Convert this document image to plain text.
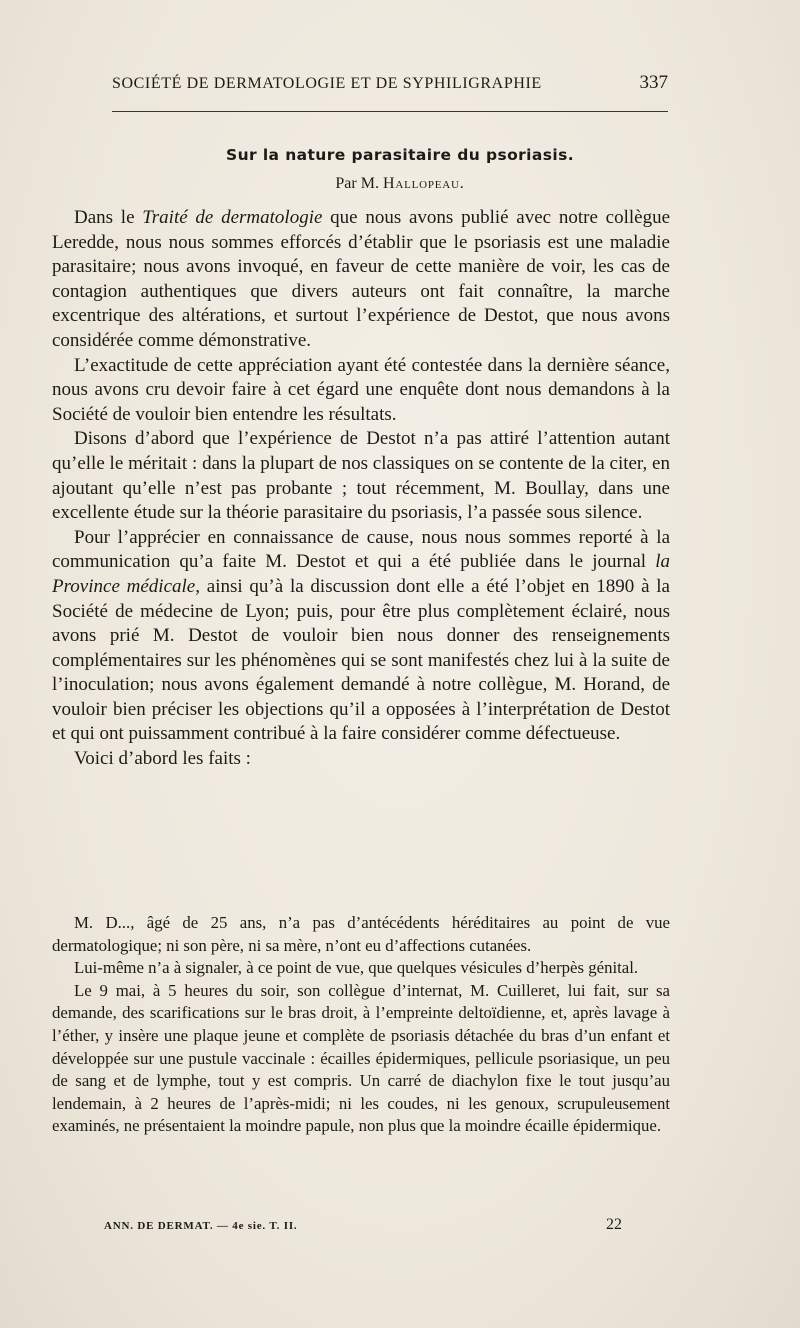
SOCIÉTÉ DE DERMATOLOGIE ET DE SYPHILIGRAPHIE	337
Sur la nature parasitaire du psoriasis.
Par M. Hallopeau.

Dans le Traité de dermatologie que nous avons publié avec notre collègue Leredde, nous nous sommes efforcés d’établir que le psoriasis est une maladie parasitaire; nous avons invoqué, en faveur de cette manière de voir, les cas de contagion authentiques que divers auteurs ont fait connaître, la marche excentrique des altérations, et surtout l’expérience de Destot, que nous avons considérée comme démonstrative.

L’exactitude de cette appréciation ayant été contestée dans la dernière séance, nous avons cru devoir faire à cet égard une enquête dont nous demandons à la Société de vouloir bien entendre les résultats.

Disons d’abord que l’expérience de Destot n’a pas attiré l’attention autant qu’elle le méritait : dans la plupart de nos classiques on se contente de la citer, en ajoutant qu’elle n’est pas probante ; tout récemment, M. Boullay, dans une excellente étude sur la théorie parasitaire du psoriasis, l’a passée sous silence.

Pour l’apprécier en connaissance de cause, nous nous sommes reporté à la communication qu’a faite M. Destot et qui a été publiée dans le journal la Province médicale, ainsi qu’à la discussion dont elle a été l’objet en 1890 à la Société de médecine de Lyon; puis, pour être plus complètement éclairé, nous avons prié M. Destot de vouloir bien nous donner des renseignements complémentaires sur les phénomènes qui se sont manifestés chez lui à la suite de l’inoculation; nous avons également demandé à notre collègue, M. Horand, de vouloir bien préciser les objections qu’il a opposées à l’interprétation de Destot et qui ont puissamment contribué à la faire considérer comme défectueuse.

Voici d’abord les faits :

M. D..., âgé de 25 ans, n’a pas d’antécédents héréditaires au point de vue dermatologique; ni son père, ni sa mère, n’ont eu d’affections cutanées.

Lui-même n’a à signaler, à ce point de vue, que quelques vésicules d’herpès génital.

Le 9 mai, à 5 heures du soir, son collègue d’internat, M. Cuilleret, lui fait, sur sa demande, des scarifications sur le bras droit, à l’empreinte deltoïdienne, et, après lavage à l’éther, y insère une plaque jeune et complète de psoriasis détachée du bras d’un enfant et développée sur une pustule vaccinale : écailles épidermiques, pellicule psoriasique, un peu de sang et de lymphe, tout y est compris. Un carré de diachylon fixe le tout jusqu’au lendemain, à 2 heures de l’après-midi; ni les coudes, ni les genoux, scrupuleusement examinés, ne présentaient la moindre papule, non plus que la moindre écaille épidermique.

ANN. DE DERMAT. — 4e sie. T. II.	22
